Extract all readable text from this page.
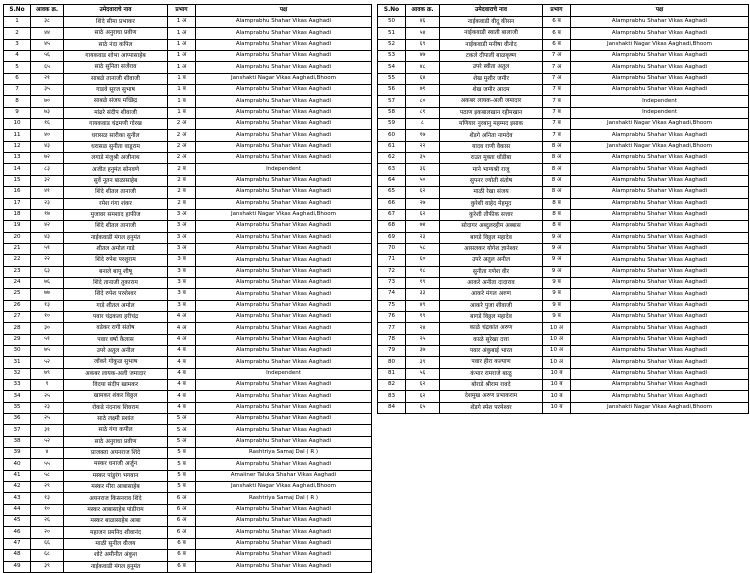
S.No	आवक क्र.	उमेदवाराचे नाव	प्रभाग	पक्ष
1	३८	शिंदे सीमा प्रभाकर	1 अ	Alamprabhu Shahar Vikas Aaghadi
2	४४	साठे अनुराधा प्रवीण	1 अ	Alamprabhu Shahar Vikas Aaghadi
3	४५	साठे नंदा कपिल	1 अ	Alamprabhu Shahar Vikas Aaghadi
4	५६	गायकवाड शोभा आप्पासाहेब	1 अ	Alamprabhu Shahar Vikas Aaghadi
5	६५	साठे सुनिता सर्जेराव	1 अ	Alamprabhu Shahar Vikas Aaghadi
6	२१	साबळे तानाजी शीवाजी	1 ब	Janshakti Nagar Vikas Aaghadi,Bhoom
7	३५	गाडवे सूरज सुभाष	1 ब	Alamprabhu Shahar Vikas Aaghadi
8	७०	साबळे संजय मच्छिंद्र	1 ब	Alamprabhu Shahar Vikas Aaghadi
9	७३	मांढरे संदीप शीवाजी	1 ब	Alamprabhu Shahar Vikas Aaghadi
10	१६	गायकवाड चंद्रमणी गोरख	2 अ	Alamprabhu Shahar Vikas Aaghadi
11	४०	धरासळ सारीका सुनील	2 अ	Alamprabhu Shahar Vikas Aaghadi
12	४३	धरासळ सुनीता वाडूराम	2 अ	Alamprabhu Shahar Vikas Aaghadi
13	७२	लगाडे मंजुश्री अजीनाथ	2 अ	Alamprabhu Shahar Vikas Aaghadi
14	८३	अजीत हनुमंत सोनवणे	2 ब	Independent
15	३२	सुर्वे नूतन बाळासाहेब	2 ब	Alamprabhu Shahar Vikas Aaghadi
16	४१	शिंदे शीतल तानाजी	2 ब	Alamprabhu Shahar Vikas Aaghadi
17	२३	रमेश गंगा शंकर	2 ब	Alamprabhu Shahar Vikas Aaghadi
18	१७	मुजावर समशाद हाफीज	3 अ	Janshakti Nagar Vikas Aaghadi,Bhoom
19	४२	शिंदे शीतल तानाजी	3 अ	Alamprabhu Shahar Vikas Aaghadi
20	४३	नाईकवाडी मंगल हनुमंत	3 अ	Alamprabhu Shahar Vikas Aaghadi
21	५१	शीतल अमोल गाडे	3 अ	Alamprabhu Shahar Vikas Aaghadi
22	२२	शिंदे रुपेश परशुराम	3 ब	Alamprabhu Shahar Vikas Aaghadi
23	६३	बनाले बापू शीषू	3 ब	Alamprabhu Shahar Vikas Aaghadi
24	७६	शिंदे तानाजी तुकाराम	3 ब	Alamprabhu Shahar Vikas Aaghadi
25	७७	शिंदे रुपेश परशेश्वर	3 ब	Alamprabhu Shahar Vikas Aaghadi
26	१३	गाडे शीतल अमोल	3 ब	Alamprabhu Shahar Vikas Aaghadi
27	१०	पवार चंद्रकला हरीचंद्र	4 अ	Alamprabhu Shahar Vikas Aaghadi
28	३०	वडेकर रागी संतोष	4 अ	Alamprabhu Shahar Vikas Aaghadi
29	५१	पवार वर्षा कैलास	4 अ	Alamprabhu Shahar Vikas Aaghadi
30	७५	उपरे अतुल अनील	4 ब	Alamprabhu Shahar Vikas Aaghadi
31	५२	जोंकरे गोकुळ सुभाष	4 ब	Alamprabhu Shahar Vikas Aaghadi
32	७९	अकबर लायक-अली जमादार	4 ब	Independent
33	९	विदया संदीप खामकर	4 ब	Alamprabhu Shahar Vikas Aaghadi
34	२५	खामकर शंकर विठ्ठल	4 ब	Alamprabhu Shahar Vikas Aaghadi
35	२३	रोकडे नंदनाथ शिवराम	4 ब	Alamprabhu Shahar Vikas Aaghadi
36	२५	साठे लक्ष्मी प्रशांत	5 अ	Alamprabhu Shahar Vikas Aaghadi
37	३१	साठे गंगा कपील	5 अ	Alamprabhu Shahar Vikas Aaghadi
38	५२	साठे अनुराधा प्रवीण	5 अ	Alamprabhu Shahar Vikas Aaghadi
39	४	प्राजक्ता अयनराज शिंदे	5 ब	Rashtriya Samaj Dal ( R )
40	५५	मस्कर धनाजी अर्जुन	5 ब	Alamprabhu Shahar Vikas Aaghadi
41	५८	मस्कर पांडुरंग भगवान	5 ब	Amaiiner Taluka Shahar Vikas Aaghadi
42	२९	मस्कर मीरा आबासाहेब	5 ब	Janshakti Nagar Vikas Aaghadi,Bhoom
43	१३	अयनराज किसनराव शिंदे	6 अ	Rashtriya Samaj Dal ( R )
44	१०	मस्कर आबासाहेब पांडीराम	6 अ	Alamprabhu Shahar Vikas Aaghadi
45	२६	मस्कर बाळासाहेब आबा	6 अ	Alamprabhu Shahar Vikas Aaghadi
46	२०	महाजन प्रमनिद शीवानंद	6 अ	Alamprabhu Shahar Vikas Aaghadi
47	६६	माळी सुनील वीजय	6 ब	Alamprabhu Shahar Vikas Aaghadi
48	६८	शोटे अमीनीत अंकुश	6 ब	Alamprabhu Shahar Vikas Aaghadi
49	३९	नाईकवाडी मंगल हनुमंत	6 ब	Alamprabhu Shahar Vikas Aaghadi
S.No	आवक क्र.	उमेदवाराचे नाव	प्रभाग	पक्ष
50	४६	नाईकवाडी वीदू कीसन	6 ब	Alamprabhu Shahar Vikas Aaghadi
51	५४	नाईकवाडी स्वाती बालाजी	6 ब	Alamprabhu Shahar Vikas Aaghadi
52	६९	नाईकवाडी मनीषा वीनोद	6 ब	Janshakti Nagar Vikas Aaghadi,Bhoom
53	४७	टकले दीपाली बाळकृष्ण	7 अ	Alamprabhu Shahar Vikas Aaghadi
54	४८	उपरे स्वीता अतुल	7 अ	Alamprabhu Shahar Vikas Aaghadi
55	६४	शेख मुशीर जमीर	7 अ	Alamprabhu Shahar Vikas Aaghadi
56	७१	शेख जमीर आदम	7 ब	Alamprabhu Shahar Vikas Aaghadi
57	८०	अकबर लायक-अली जमादार	7 ब	Independent
58	८१	पठाण इकबालखान रहीमखान	7 ब	Independent
59	८	मणियार नुरबानु महम्मद इसाक	7 ब	Janshakti Nagar Vikas Aaghadi,Bhoom
60	१७	शेंडगे अनिता नामदेव	7 ब	Alamprabhu Shahar Vikas Aaghadi
61	२२	यादव राणी वैकास	8 अ	Janshakti Nagar Vikas Aaghadi,Bhoom
62	३५	राउत मुक्ता धोंडीबा	8 अ	Alamprabhu Shahar Vikas Aaghadi
63	३६	माने भाग्यश्री राजू	8 अ	Alamprabhu Shahar Vikas Aaghadi
64	५०	सुपनर ज्योती संतोष	8 अ	Alamprabhu Shahar Vikas Aaghadi
65	६२	माळी रेखा संजय	8 अ	Alamprabhu Shahar Vikas Aaghadi
66	२७	कुरेशी वाहेद मेहमूद	8 ब	Alamprabhu Shahar Vikas Aaghadi
67	६२	कुरेशी तौफीक सत्तार	8 ब	Alamprabhu Shahar Vikas Aaghadi
68	७४	सोदागर अब्दुलरहीम अब्बास	8 ब	Alamprabhu Shahar Vikas Aaghadi
69	२३	बागडे विठ्ठल महादेव	9 अ	Alamprabhu Shahar Vikas Aaghadi
70	५८	आसलकर योगेश ज्ञानेश्वर	9 अ	Alamprabhu Shahar Vikas Aaghadi
71	६०	उपरे अतुल अनील	9 अ	Alamprabhu Shahar Vikas Aaghadi
72	१८	सुनीता गणेश वीर	9 अ	Alamprabhu Shahar Vikas Aaghadi
73	१९	आकरे अनीता दादाराव	9 ब	Alamprabhu Shahar Vikas Aaghadi
74	३३	आकरे मंगल अरुण	9 ब	Alamprabhu Shahar Vikas Aaghadi
75	४९	आकरे पुजा शीवाजी	9 ब	Alamprabhu Shahar Vikas Aaghadi
76	१९	बागडे विठ्ठल महादेव	9 ब	Alamprabhu Shahar Vikas Aaghadi
77	२४	काळे चंद्रकांत अरुण	10 अ	Alamprabhu Shahar Vikas Aaghadi
78	२५	काळे सुरेखा दत्ता	10 अ	Alamprabhu Shahar Vikas Aaghadi
79	३७	पवार अंकुबाई भारत	10 अ	Alamprabhu Shahar Vikas Aaghadi
80	३९	पवार हीरा कल्याण	10 अ	Alamprabhu Shahar Vikas Aaghadi
81	५६	कंभार रामराजे बाळू	10 ब	Alamprabhu Shahar Vikas Aaghadi
82	६२	बोराडे श्रीराम रावदे	10 ब	Alamprabhu Shahar Vikas Aaghadi
83	६२	देशमुख अरुण प्रभाकराम	10 ब	Alamprabhu Shahar Vikas Aaghadi
84	६५	शेंडगे स्पेश परमेश्वर	10 ब	Janshakti Nagar Vikas Aaghadi,Bhoom
